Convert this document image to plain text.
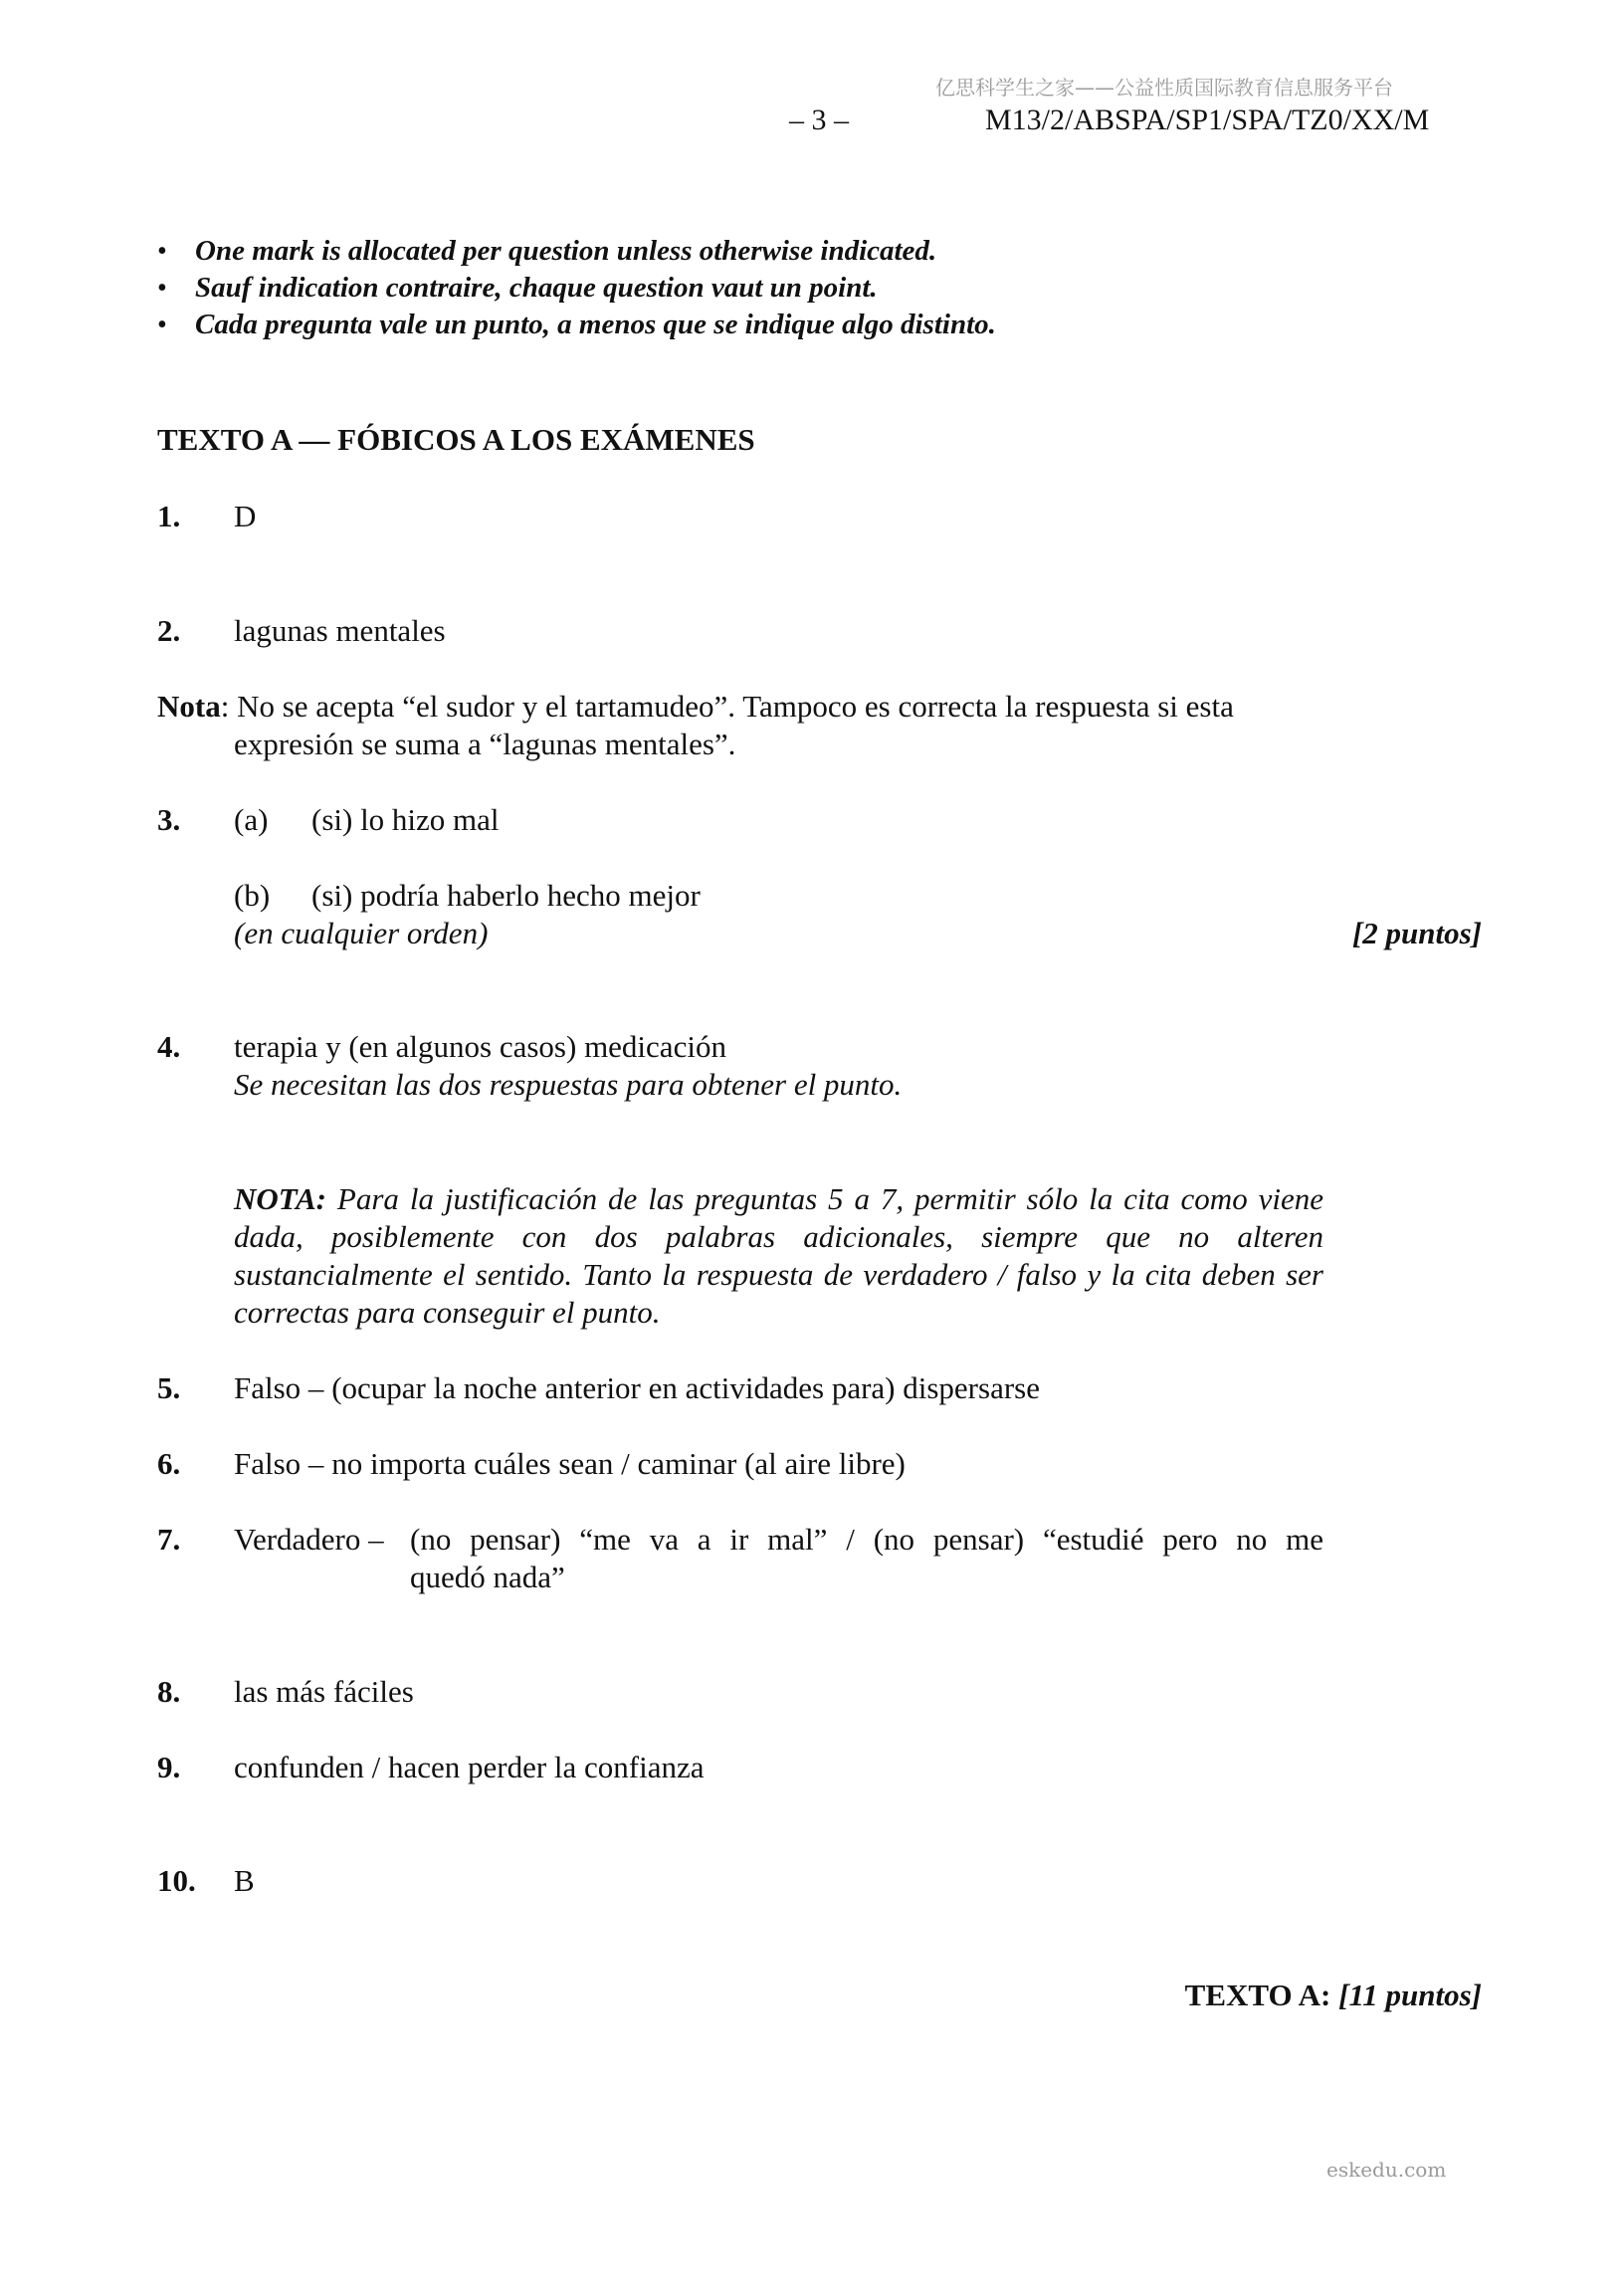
亿思科学生之家——公益性质国际教育信息服务平台
– 3 –	M13/2/ABSPA/SP1/SPA/TZ0/XX/M
• One mark is allocated per question unless otherwise indicated.
• Sauf indication contraire, chaque question vaut un point.
• Cada pregunta vale un punto, a menos que se indique algo distinto.
TEXTO A — FÓBICOS A LOS EXÁMENES
1. D
2. lagunas mentales
Nota: No se acepta “el sudor y el tartamudeo”. Tampoco es correcta la respuesta si esta
expresión se suma a “lagunas mentales”.
3. (a) (si) lo hizo mal
(b) (si) podría haberlo hecho mejor
(en cualquier orden)	[2 puntos]
4. terapia y (en algunos casos) medicación
Se necesitan las dos respuestas para obtener el punto.
NOTA: Para la justificación de las preguntas 5 a 7, permitir sólo la cita como viene dada, posiblemente con dos palabras adicionales, siempre que no alteren sustancialmente el sentido. Tanto la respuesta de verdadero / falso y la cita deben ser correctas para conseguir el punto.
5. Falso – (ocupar la noche anterior en actividades para) dispersarse
6. Falso – no importa cuáles sean / caminar (al aire libre)
7. Verdadero – (no pensar) “me va a ir mal” / (no pensar) “estudié pero no me
quedó nada”
8. las más fáciles
9. confunden / hacen perder la confianza
10. B
TEXTO A: [11 puntos]
eskedu.com
